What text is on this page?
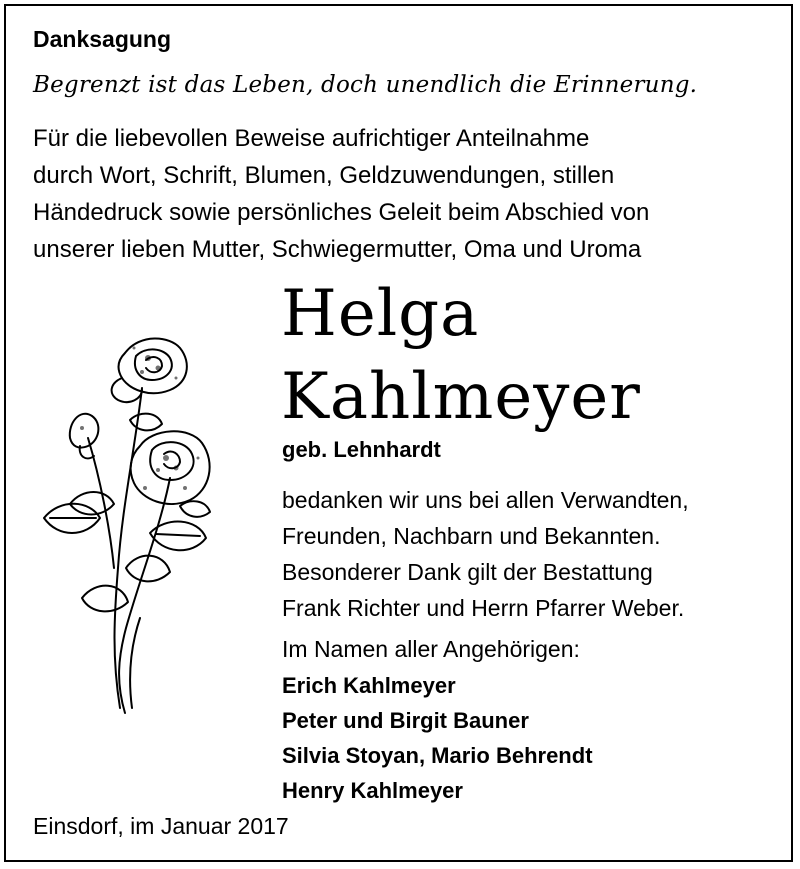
Danksagung
Begrenzt ist das Leben, doch unendlich die Erinnerung.
Für die liebevollen Beweise aufrichtiger Anteilnahme
durch Wort, Schrift, Blumen, Geldzuwendungen, stillen
Händedruck sowie persönliches Geleit beim Abschied von
unserer lieben Mutter, Schwiegermutter, Oma und Uroma
Helga
Kahlmeyer
geb. Lehnhardt
bedanken wir uns bei allen Verwandten,
Freunden, Nachbarn und Bekannten.
Besonderer Dank gilt der Bestattung
Frank Richter und Herrn Pfarrer Weber.
Im Namen aller Angehörigen:
Erich Kahlmeyer
Peter und Birgit Bauner
Silvia Stoyan, Mario Behrendt
Henry Kahlmeyer
Einsdorf, im Januar 2017
